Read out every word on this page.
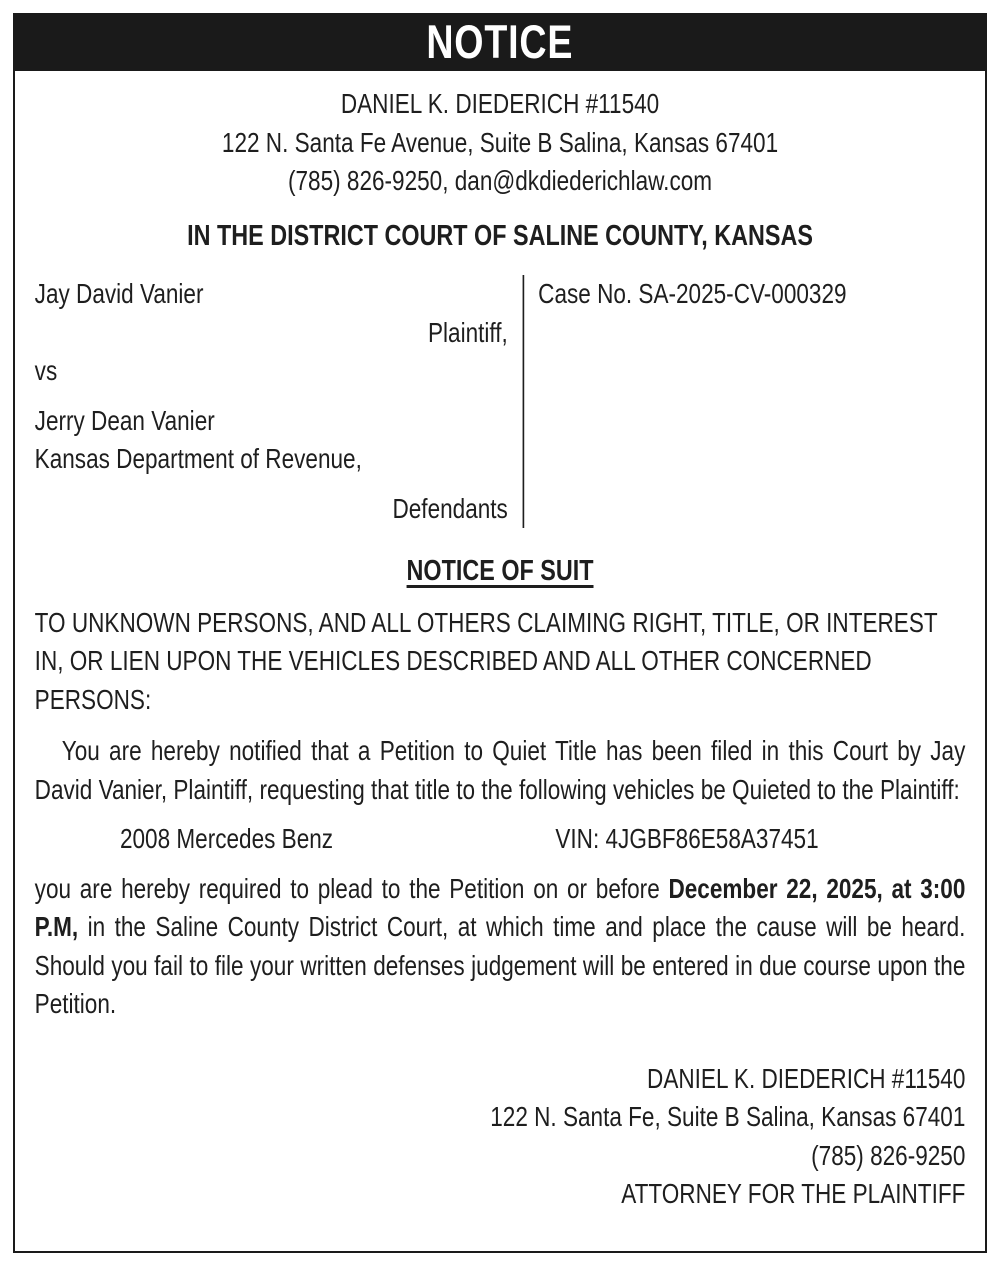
NOTICE
DANIEL K. DIEDERICH #11540
122 N. Santa Fe Avenue, Suite B Salina, Kansas 67401
(785) 826-9250, dan@dkdiederichlaw.com
IN THE DISTRICT COURT OF SALINE COUNTY, KANSAS
Jay David Vanier
Plaintiff,
vs
Jerry Dean Vanier
Kansas Department of Revenue,
Defendants
Case No. SA-2025-CV-000329
NOTICE OF SUIT

TO UNKNOWN PERSONS, AND ALL OTHERS CLAIMING RIGHT, TITLE, OR INTEREST IN, OR LIEN UPON THE VEHICLES DESCRIBED AND ALL OTHER CONCERNED PERSONS:

You are hereby notified that a Petition to Quiet Title has been filed in this Court by Jay David Vanier, Plaintiff, requesting that title to the following vehicles be Quieted to the Plaintiff:

2008 Mercedes Benz	VIN: 4JGBF86E58A37451

you are hereby required to plead to the Petition on or before December 22, 2025, at 3:00 P.M, in the Saline County District Court, at which time and place the cause will be heard. Should you fail to file your written defenses judgement will be entered in due course upon the Petition.

DANIEL K. DIEDERICH #11540
122 N. Santa Fe, Suite B Salina, Kansas 67401
(785) 826-9250
ATTORNEY FOR THE PLAINTIFF
